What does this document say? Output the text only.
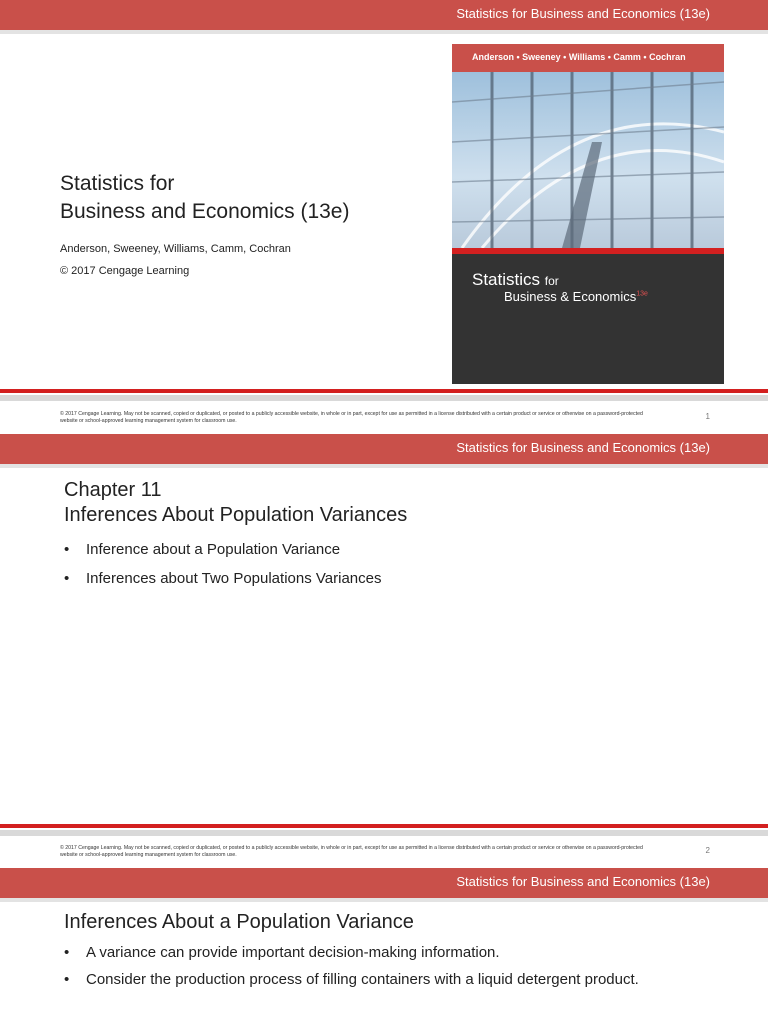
Statistics for Business and Economics (13e)
Statistics for
Business and Economics (13e)
Anderson, Sweeney, Williams, Camm, Cochran
© 2017 Cengage Learning
Anderson • Sweeney • Williams • Camm • Cochran
Statistics for
Business & Economics$^{13e}$
© 2017 Cengage Learning. May not be scanned, copied or duplicated, or posted to a publicly accessible website, in whole or in part, except for use as permitted in a license distributed with a certain product or service or otherwise on a password-protected website or school-approved learning management system for classroom use.	1
Statistics for Business and Economics (13e)
Chapter 11
Inferences About Population Variances
• Inference about a Population Variance
• Inferences about Two Populations Variances
© 2017 Cengage Learning. May not be scanned, copied or duplicated, or posted to a publicly accessible website, in whole or in part, except for use as permitted in a license distributed with a certain product or service or otherwise on a password-protected website or school-approved learning management system for classroom use.	2
Statistics for Business and Economics (13e)
Inferences About a Population Variance
• A variance can provide important decision-making information.
• Consider the production process of filling containers with a liquid detergent product.
